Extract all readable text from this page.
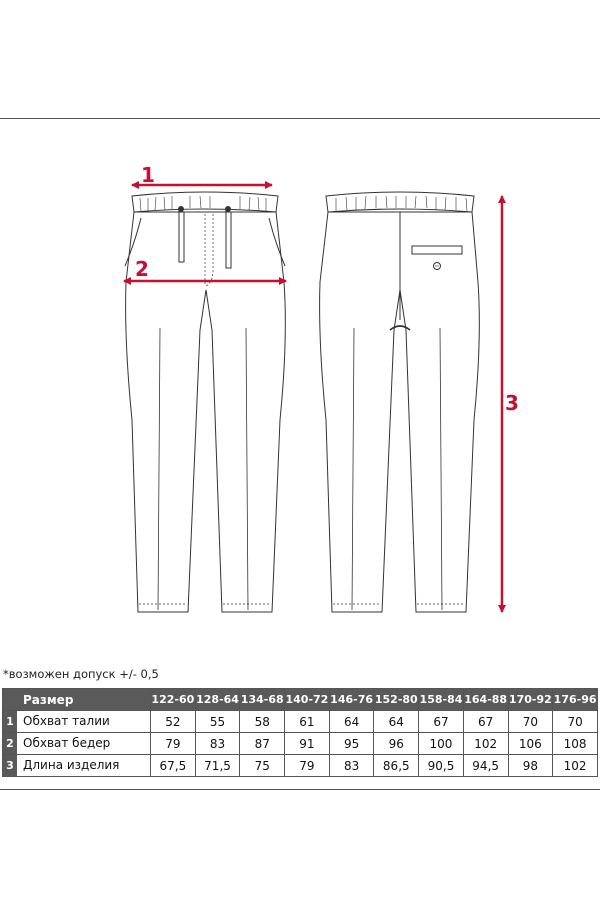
1
2
3
*возможен допуск +/- 0,5
Размер	122-60	128-64	134-68	140-72	146-76	152-80	158-84	164-88	170-92	176-96

1 Обхват талии	52	55	58	61	64	64	67	67	70	70

2 Обхват бедер	79	83	87	91	95	96	100	102	106	108

3 Длина изделия	67,5	71,5	75	79	83	86,5	90,5	94,5	98	102
